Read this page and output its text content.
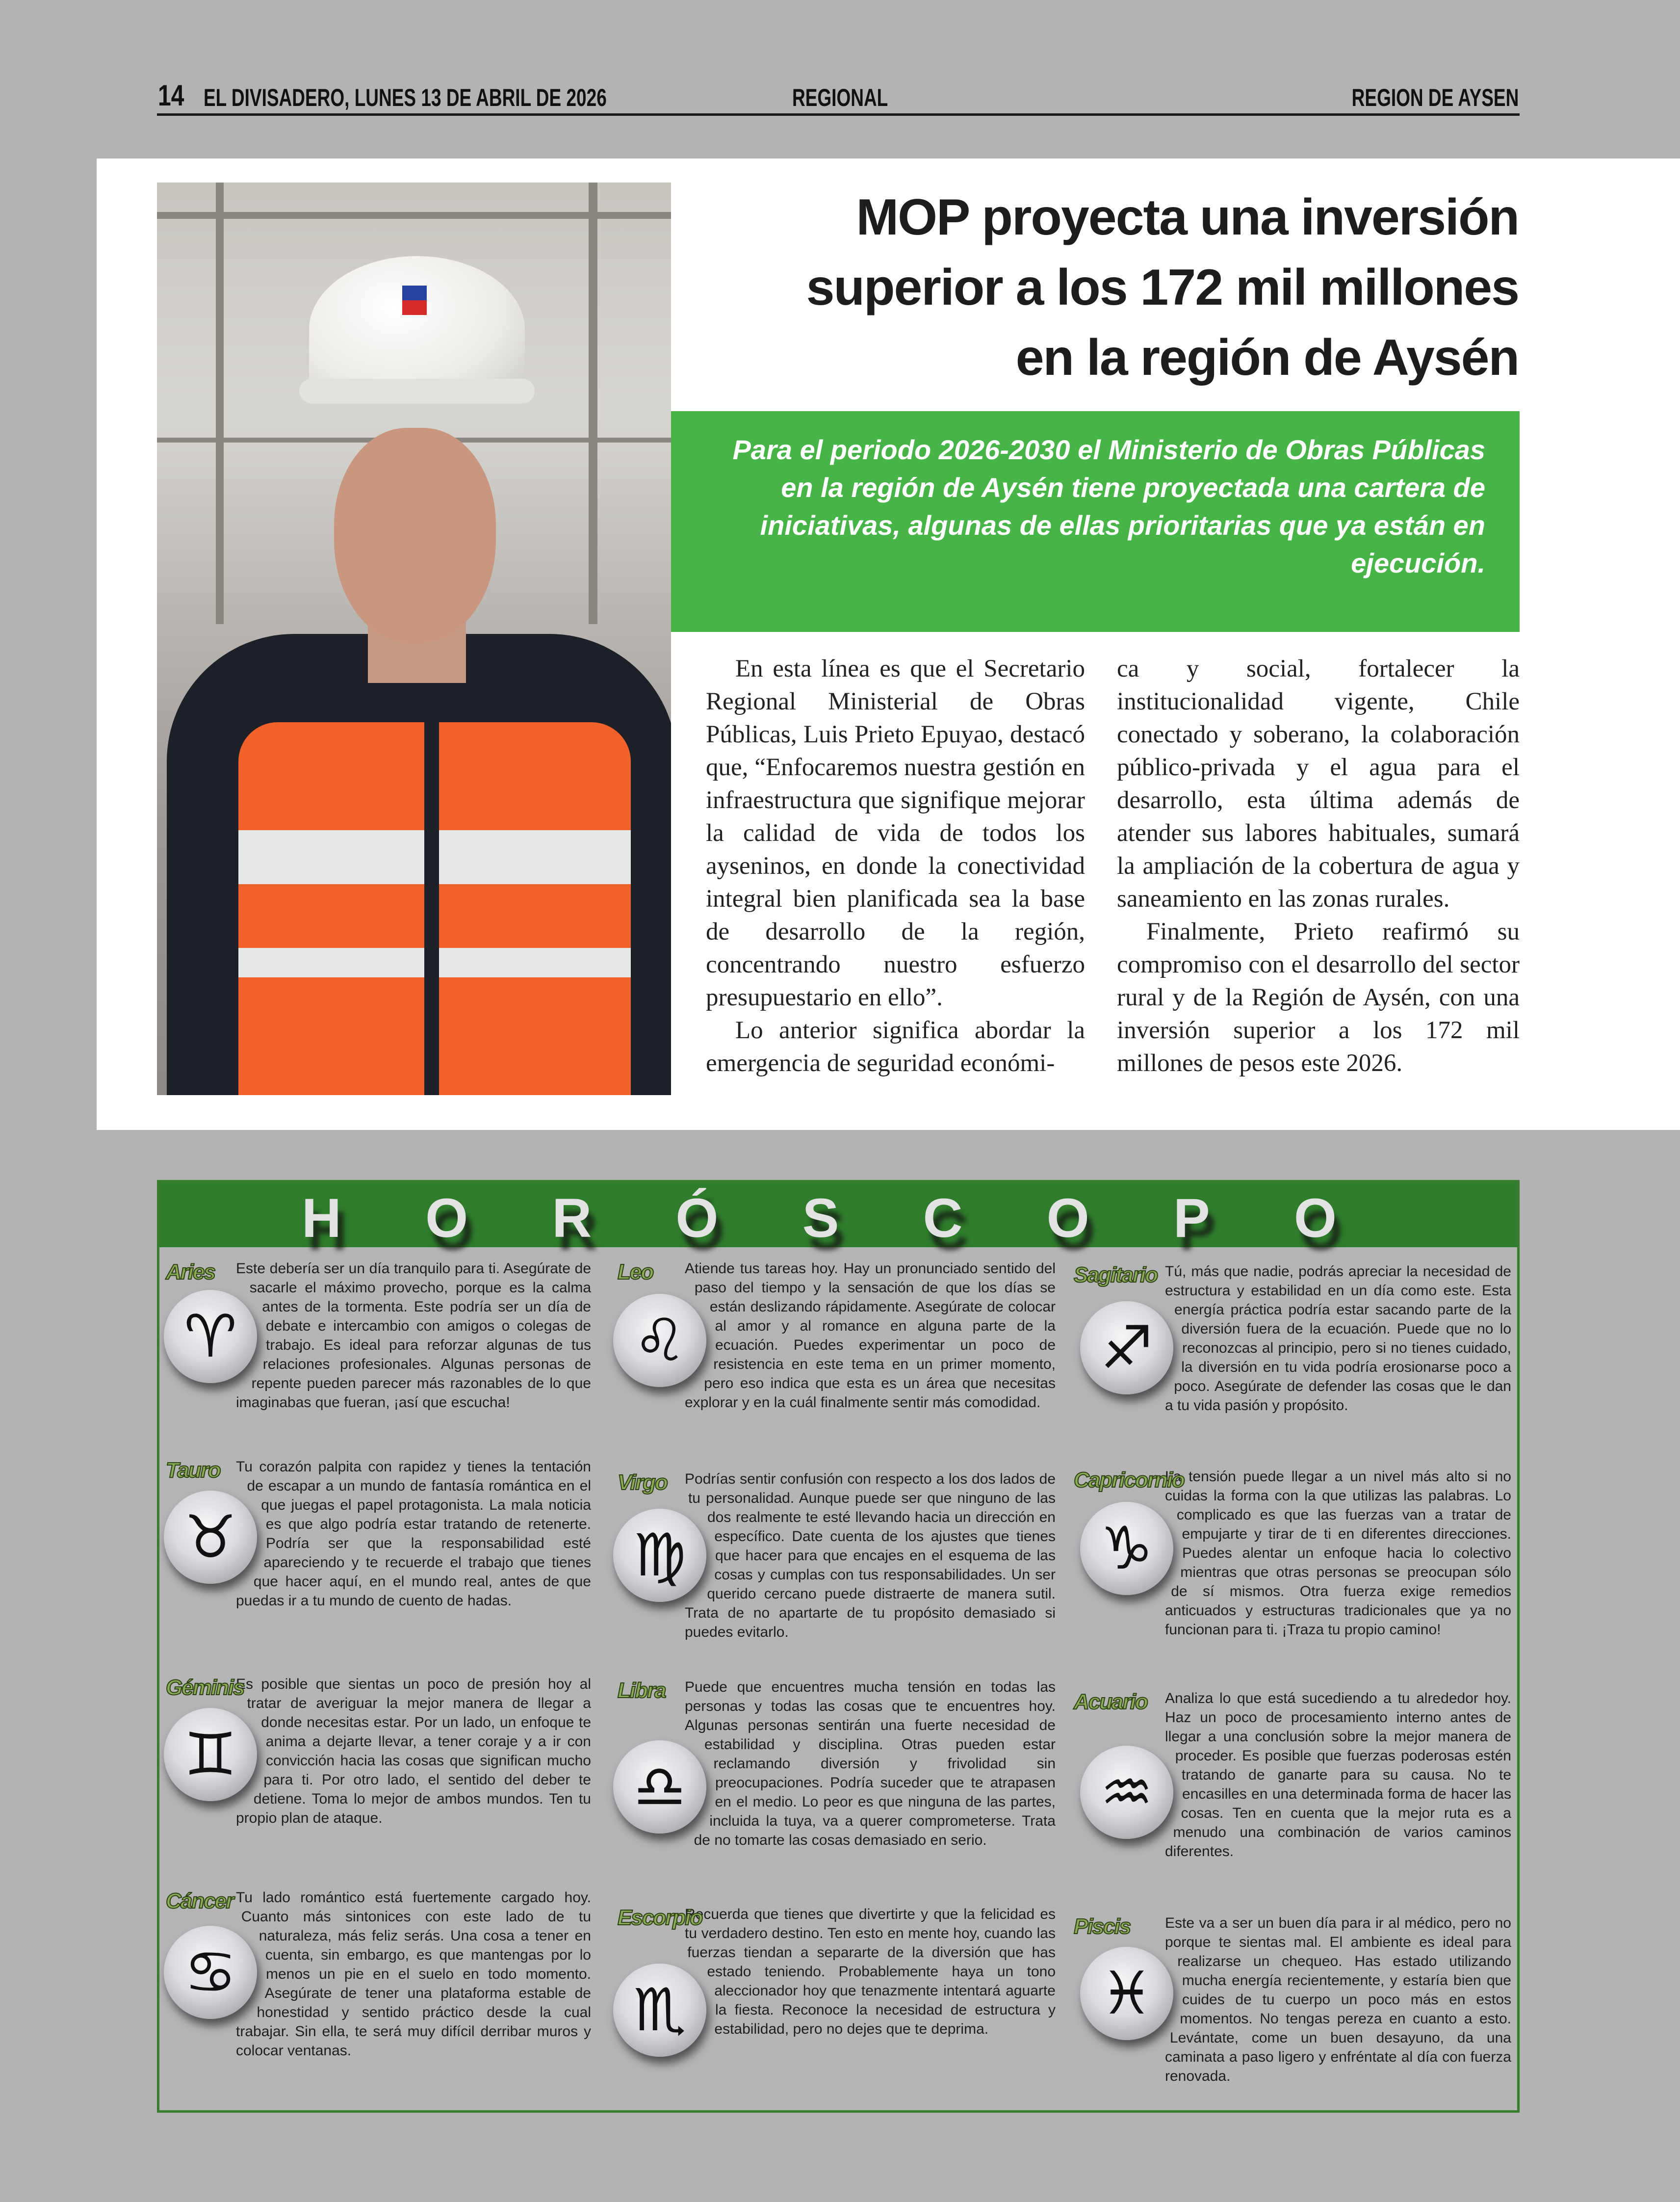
14 EL DIVISADERO, LUNES 13 DE ABRIL DE 2026	REGIONAL	REGION DE AYSEN
MOP proyecta una inversión
superior a los 172 mil millones
en la región de Aysén
Para el periodo 2026-2030 el Ministerio de Obras Públicas en la región de Aysén tiene proyectada una cartera de iniciativas, algunas de ellas prioritarias que ya están en ejecución.

En esta línea es que el Secretario Regional Ministerial de Obras Públicas, Luis Prieto Epuyao, destacó que, “Enfocaremos nuestra gestión en infraestructura que signifique mejorar la calidad de vida de todos los ayseninos, en donde la conectividad integral bien planificada sea la base de desarrollo de la región, concentrando nuestro esfuerzo presupuestario en ello”.

Lo anterior significa abordar la emergencia de seguridad económi-

ca y social, fortalecer la institucionalidad vigente, Chile conectado y soberano, la colaboración público-privada y el agua para el desarrollo, esta última además de atender sus labores habituales, sumará la ampliación de la cobertura de agua y saneamiento en las zonas rurales.

Finalmente, Prieto reafirmó su compromiso con el desarrollo del sector rural y de la Región de Aysén, con una inversión superior a los 172 mil millones de pesos este 2026.

H O R Ó S C O P O
♈︎
Este debería ser un día tranquilo para ti. Asegúrate de sacarle el máximo provecho, porque es la calma antes de la tormenta. Este podría ser un día de debate e intercambio con amigos o colegas de trabajo. Es ideal para reforzar algunas de tus relaciones profesionales. Algunas personas de repente pueden parecer más razonables de lo que imaginabas que fueran, ¡así que escucha!
Aries
♉︎
Tu corazón palpita con rapidez y tienes la tentación de escapar a un mundo de fantasía romántica en el que juegas el papel protagonista. La mala noticia es que algo podría estar tratando de retenerte. Podría ser que la responsabilidad esté apareciendo y te recuerde el trabajo que tienes que hacer aquí, en el mundo real, antes de que puedas ir a tu mundo de cuento de hadas.
Tauro
♊︎
Es posible que sientas un poco de presión hoy al tratar de averiguar la mejor manera de llegar a donde necesitas estar. Por un lado, un enfoque te anima a dejarte llevar, a tener coraje y a ir con convicción hacia las cosas que significan mucho para ti. Por otro lado, el sentido del deber te detiene. Toma lo mejor de ambos mundos. Ten tu propio plan de ataque.
Géminis
♋︎
Tu lado romántico está fuertemente cargado hoy. Cuanto más sintonices con este lado de tu naturaleza, más feliz serás. Una cosa a tener en cuenta, sin embargo, es que mantengas por lo menos un pie en el suelo en todo momento. Asegúrate de tener una plataforma estable de honestidad y sentido práctico desde la cual trabajar. Sin ella, te será muy difícil derribar muros y colocar ventanas.
Cáncer
♌︎
Atiende tus tareas hoy. Hay un pronunciado sentido del paso del tiempo y la sensación de que los días se están deslizando rápidamente. Asegúrate de colocar al amor y al romance en alguna parte de la ecuación. Puedes experimentar un poco de resistencia en este tema en un primer momento, pero eso indica que esta es un área que necesitas explorar y en la cuál finalmente sentir más comodidad.
Leo
♍︎
Podrías sentir confusión con respecto a los dos lados de tu personalidad. Aunque puede ser que ninguno de las dos realmente te esté llevando hacia un dirección en específico. Date cuenta de los ajustes que tienes que hacer para que encajes en el esquema de las cosas y cumplas con tus responsabilidades. Un ser querido cercano puede distraerte de manera sutil. Trata de no apartarte de tu propósito demasiado si puedes evitarlo.
Virgo
♎︎
Puede que encuentres mucha tensión en todas las personas y todas las cosas que te encuentres hoy. Algunas personas sentirán una fuerte necesidad de estabilidad y disciplina. Otras pueden estar reclamando diversión y frivolidad sin preocupaciones. Podría suceder que te atrapasen en el medio. Lo peor es que ninguna de las partes, incluida la tuya, va a querer comprometerse. Trata de no tomarte las cosas demasiado en serio.
Libra
♏︎
Recuerda que tienes que divertirte y que la felicidad es tu verdadero destino. Ten esto en mente hoy, cuando las fuerzas tiendan a separarte de la diversión que has estado teniendo. Probablemente haya un tono aleccionador hoy que tenazmente intentará aguarte la fiesta. Reconoce la necesidad de estructura y estabilidad, pero no dejes que te deprima.
Escorpio
♐︎
Tú, más que nadie, podrás apreciar la necesidad de estructura y estabilidad en un día como este. Esta energía práctica podría estar sacando parte de la diversión fuera de la ecuación. Puede que no lo reconozcas al principio, pero si no tienes cuidado, la diversión en tu vida podría erosionarse poco a poco. Asegúrate de defender las cosas que le dan a tu vida pasión y propósito.
Sagitario
♑︎
La tensión puede llegar a un nivel más alto si no cuidas la forma con la que utilizas las palabras. Lo complicado es que las fuerzas van a tratar de empujarte y tirar de ti en diferentes direcciones. Puedes alentar un enfoque hacia lo colectivo mientras que otras personas se preocupan sólo de sí mismos. Otra fuerza exige remedios anticuados y estructuras tradicionales que ya no funcionan para ti. ¡Traza tu propio camino!
Capricornio
♒︎
Analiza lo que está sucediendo a tu alrededor hoy. Haz un poco de procesamiento interno antes de llegar a una conclusión sobre la mejor manera de proceder. Es posible que fuerzas poderosas estén tratando de ganarte para su causa. No te encasilles en una determinada forma de hacer las cosas. Ten en cuenta que la mejor ruta es a menudo una combinación de varios caminos diferentes.
Acuario
♓︎
Este va a ser un buen día para ir al médico, pero no porque te sientas mal. El ambiente es ideal para realizarse un chequeo. Has estado utilizando mucha energía recientemente, y estaría bien que cuides de tu cuerpo un poco más en estos momentos. No tengas pereza en cuanto a esto. Levántate, come un buen desayuno, da una caminata a paso ligero y enfréntate al día con fuerza renovada.
Piscis
